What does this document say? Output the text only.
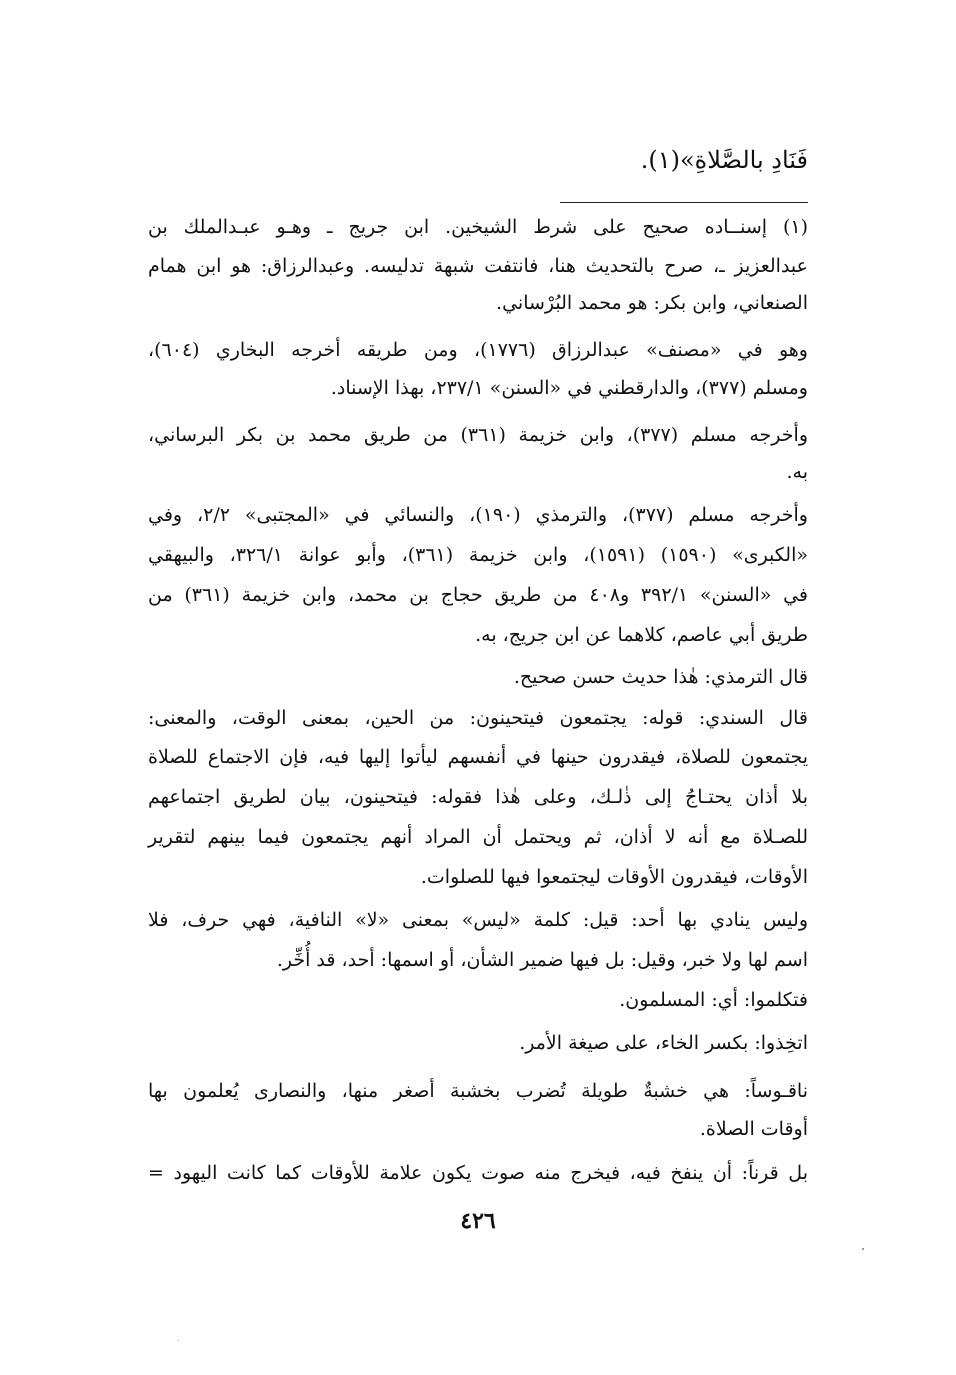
فَنَادِ بالصَّلاةِ»(١).
(١) إسنــاده صحيح على شرط الشيخين. ابن جريج ـ وهـو عبـدالملك بن
عبدالعزيز ـ، صرح بالتحديث هنا، فانتفت شبهة تدليسه. وعبدالرزاق: هو ابن همام
الصنعاني، وابن بكر: هو محمد البُرْساني.
وهو في «مصنف» عبدالرزاق (١٧٧٦)، ومن طريقه أخرجه البخاري (٦٠٤)،
ومسلم (٣٧٧)، والدارقطني في «السنن» ٢٣٧/١، بهذا الإسناد.
وأخرجه مسلم (٣٧٧)، وابن خزيمة (٣٦١) من طريق محمد بن بكر البرساني،
به.
وأخرجه مسلم (٣٧٧)، والترمذي (١٩٠)، والنسائي في «المجتبى» ٢/٢، وفي
«الكبرى» (١٥٩٠) (١٥٩١)، وابن خزيمة (٣٦١)، وأبو عوانة ٣٢٦/١، والبيهقي
في «السنن» ٣٩٢/١ و٤٠٨ من طريق حجاج بن محمد، وابن خزيمة (٣٦١) من
طريق أبي عاصم، كلاهما عن ابن جريج، به.
قال الترمذي: هٰذا حديث حسن صحيح.
قال السندي: قوله: يجتمعون فيتحينون: من الحين، بمعنى الوقت، والمعنى:
يجتمعون للصلاة، فيقدرون حينها في أنفسهم ليأتوا إليها فيه، فإن الاجتماع للصلاة
بلا أذان يحتـاجُ إلى ذٰلـك، وعلى هٰذا فقوله: فيتحينون، بيان لطريق اجتماعهم
للصـلاة مع أنه لا أذان، ثم ويحتمل أن المراد أنهم يجتمعون فيما بينهم لتقرير
الأوقات، فيقدرون الأوقات ليجتمعوا فيها للصلوات.
وليس ينادي بها أحد: قيل: كلمة «ليس» بمعنى «لا» النافية، فهي حرف، فلا
اسم لها ولا خبر، وقيل: بل فيها ضمير الشأن، أو اسمها: أحد، قد أُخِّر.
فتكلموا: أي: المسلمون.
اتخِذوا: بكسر الخاء، على صيغة الأمر.
ناقـوساً: هي خشبةٌ طويلة تُضرب بخشبة أصغر منها، والنصارى يُعلمون بها
أوقات الصلاة.
بل قرناً: أن ينفخ فيه، فيخرج منه صوت يكون علامة للأوقات كما كانت اليهود =
٤٢٦
